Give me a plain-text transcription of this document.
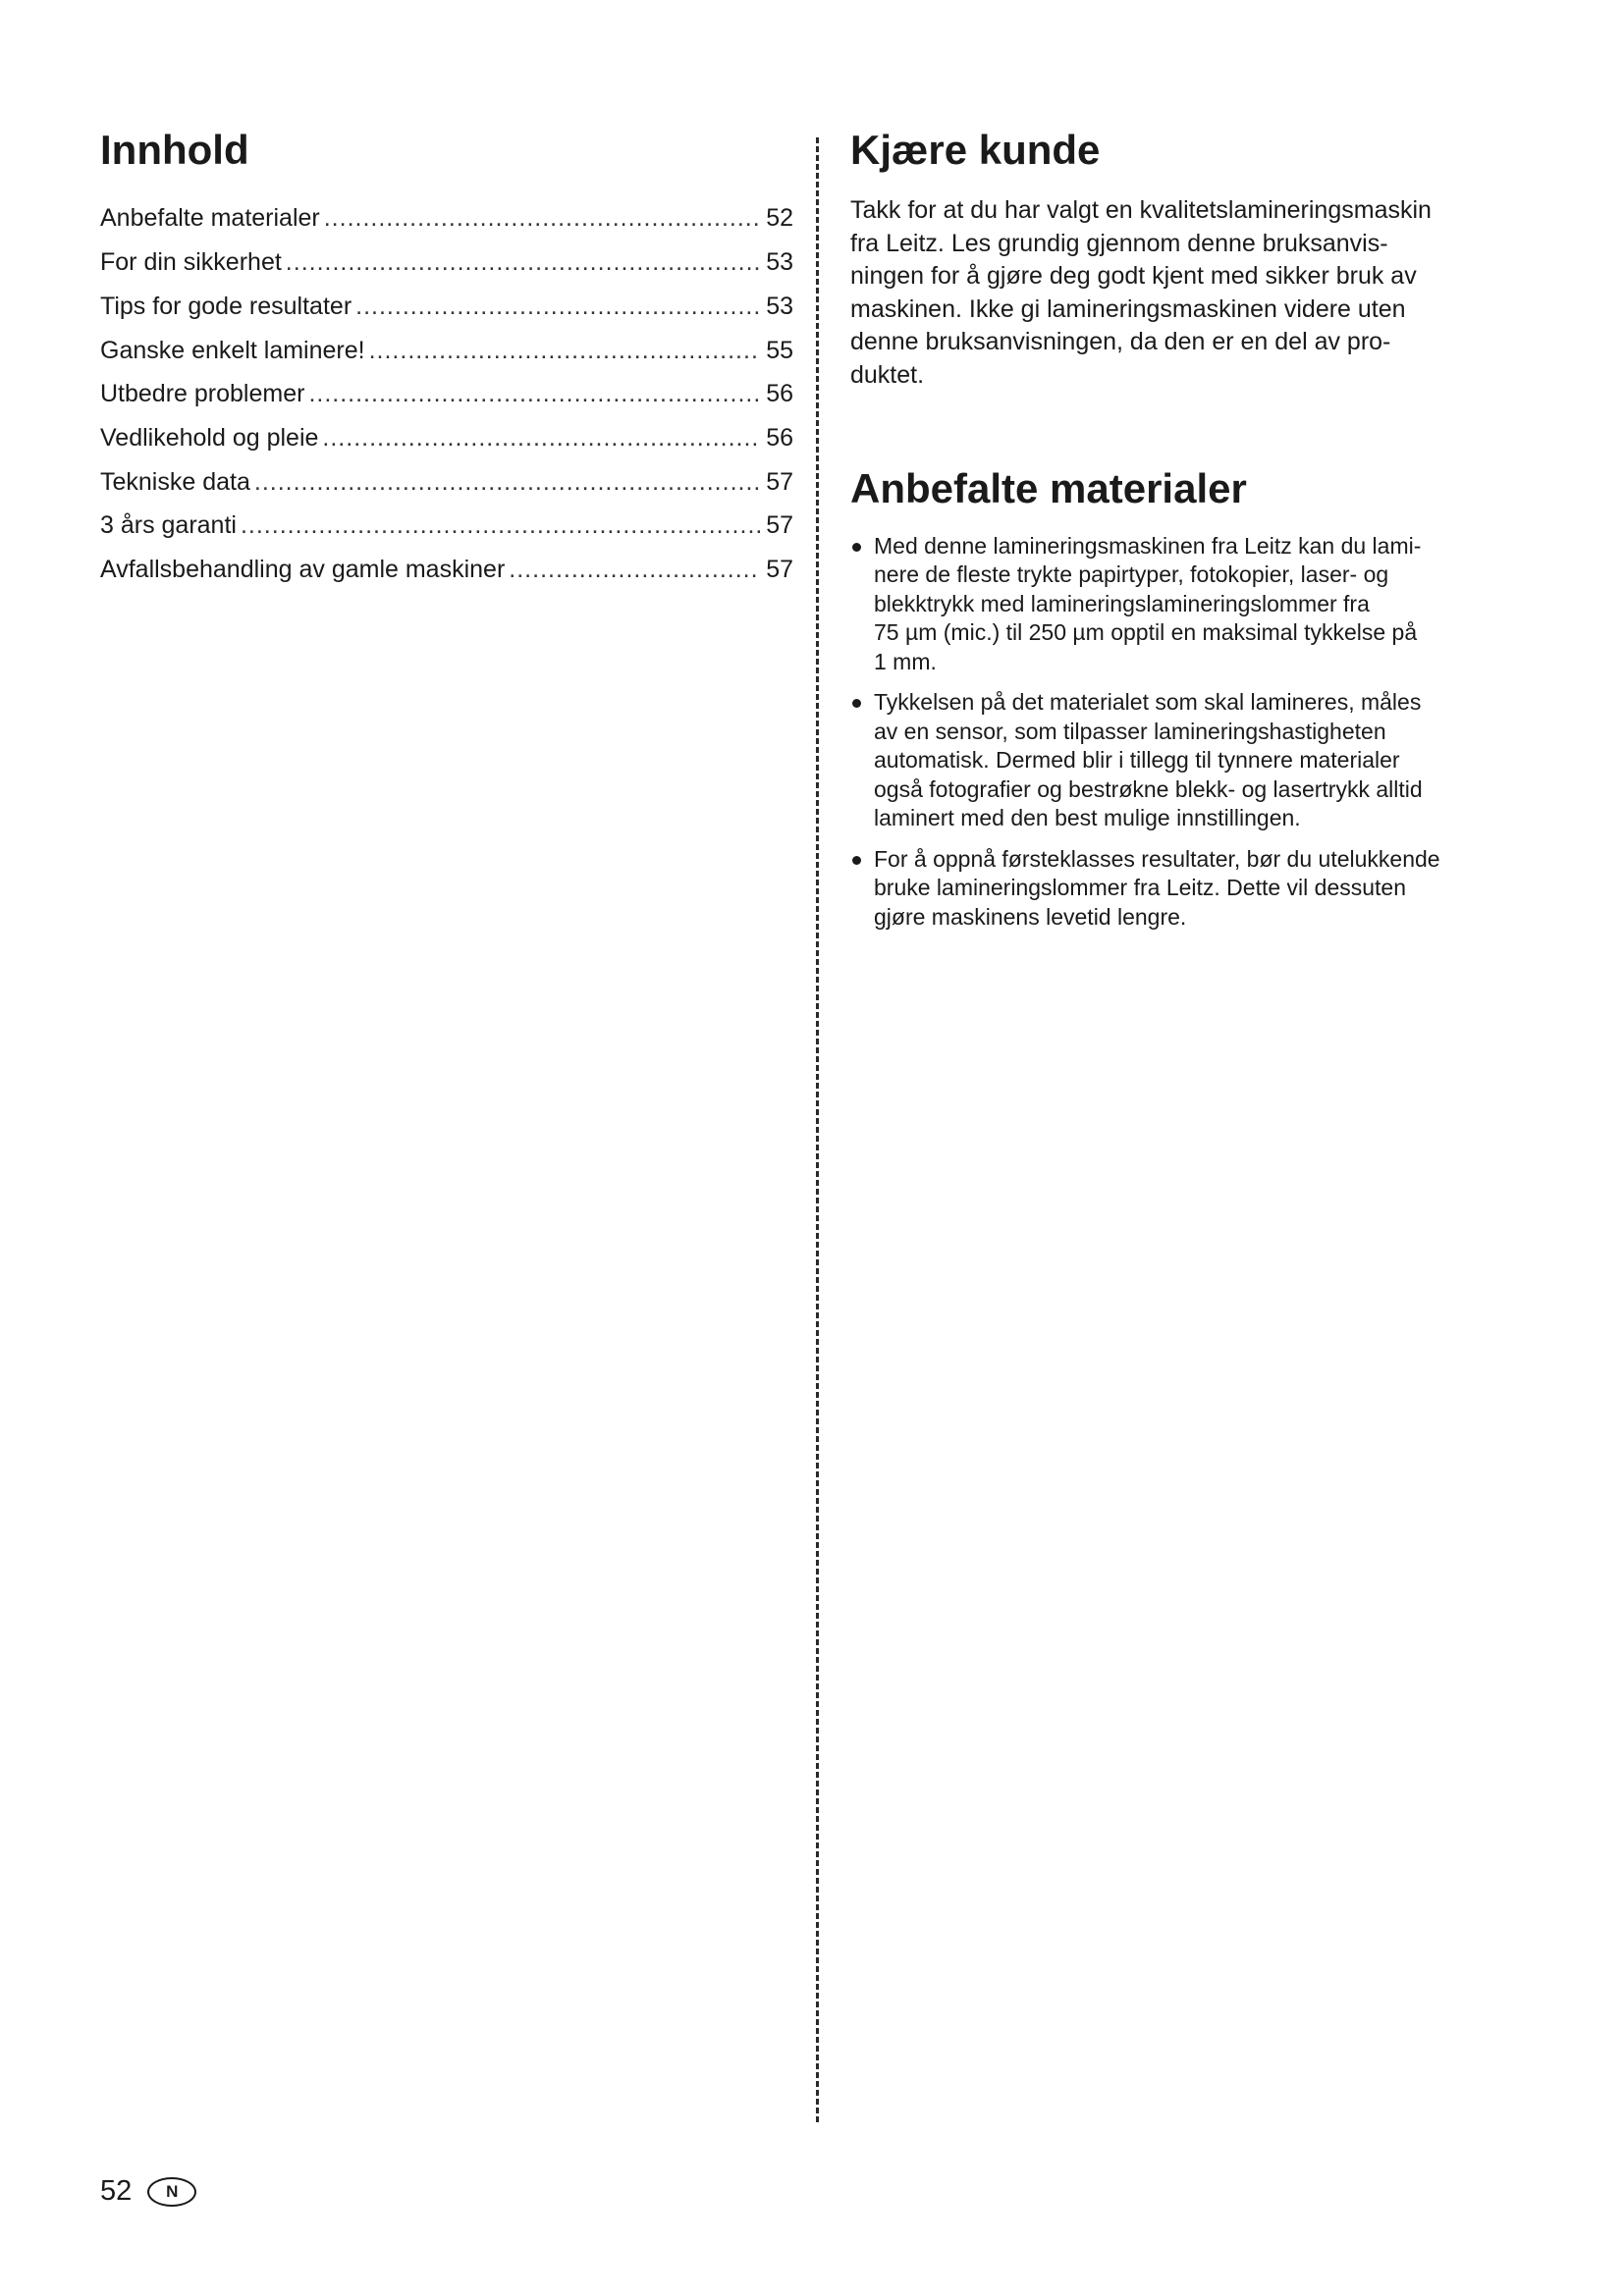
Innhold
Anbefalte materialer .....	52
For din sikkerhet .....	53
Tips for gode resultater .....	53
Ganske enkelt laminere! .....	55
Utbedre problemer .....	56
Vedlikehold og pleie .....	56
Tekniske data .....	57
3 års garanti .....	57
Avfallsbehandling av gamle maskiner .....	57
Kjære kunde

Takk for at du har valgt en kvalitetslamineringsmaskin

fra Leitz. Les grundig gjennom denne bruksanvis-

ningen for å gjøre deg godt kjent med sikker bruk av

maskinen. Ikke gi lamineringsmaskinen videre uten

denne bruksanvisningen, da den er en del av pro-

duktet.

Anbefalte materialer
Med denne lamineringsmaskinen fra Leitz kan du lami-
nere de fleste trykte papirtyper, fotokopier, laser- og
blekktrykk med lamineringslamineringslommer fra
75 µm (mic.) til 250 µm opptil en maksimal tykkelse på
1 mm.
Tykkelsen på det materialet som skal lamineres, måles
av en sensor, som tilpasser lamineringshastigheten
automatisk. Dermed blir i tillegg til tynnere materialer
også fotografier og bestrøkne blekk- og lasertrykk alltid
laminert med den best mulige innstillingen.
For å oppnå førsteklasses resultater, bør du utelukkende
bruke lamineringslommer fra Leitz. Dette vil dessuten
gjøre maskinens levetid lengre.
52	N
